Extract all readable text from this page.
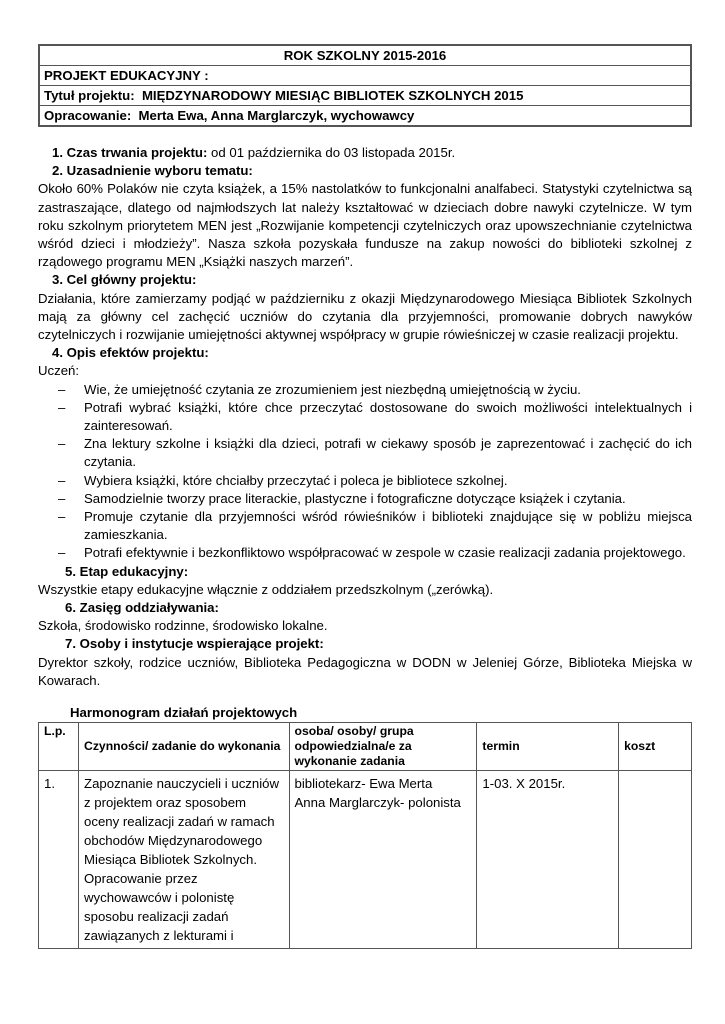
ROK SZKOLNY 2015-2016
PROJEKT EDUKACYJNY :
Tytuł projektu: MIĘDZYNARODOWY MIESIĄC BIBLIOTEK SZKOLNYCH 2015
Opracowanie: Merta Ewa, Anna Marglarczyk, wychowawcy
1. Czas trwania projektu: od 01 października do 03 listopada 2015r.
2. Uzasadnienie wyboru tematu:
Około 60% Polaków nie czyta książek, a 15% nastolatków to funkcjonalni analfabeci. Statystyki czytelnictwa są zastraszające, dlatego od najmłodszych lat należy kształtować w dzieciach dobre nawyki czytelnicze. W tym roku szkolnym priorytetem MEN jest „Rozwijanie kompetencji czytelniczych oraz upowszechnianie czytelnictwa wśród dzieci i młodzieży”. Nasza szkoła pozyskała fundusze na zakup nowości do biblioteki szkolnej z rządowego programu MEN „Książki naszych marzeń”.
3. Cel główny projektu:
Działania, które zamierzamy podjąć w październiku z okazji Międzynarodowego Miesiąca Bibliotek Szkolnych mają za główny cel zachęcić uczniów do czytania dla przyjemności, promowanie dobrych nawyków czytelniczych i rozwijanie umiejętności aktywnej współpracy w grupie rówieśniczej w czasie realizacji projektu.
4. Opis efektów projektu:
Uczeń:
– Wie, że umiejętność czytania ze zrozumieniem jest niezbędną umiejętnością w życiu.
– Potrafi wybrać książki, które chce przeczytać dostosowane do swoich możliwości intelektualnych i zainteresowań.
– Zna lektury szkolne i książki dla dzieci, potrafi w ciekawy sposób je zaprezentować i zachęcić do ich czytania.
– Wybiera książki, które chciałby przeczytać i poleca je bibliotece szkolnej.
– Samodzielnie tworzy prace literackie, plastyczne i fotograficzne dotyczące książek i czytania.
– Promuje czytanie dla przyjemności wśród rówieśników i biblioteki znajdujące się w pobliżu miejsca zamieszkania.
– Potrafi efektywnie i bezkonfliktowo współpracować w zespole w czasie realizacji zadania projektowego.
5. Etap edukacyjny:
Wszystkie etapy edukacyjne włącznie z oddziałem przedszkolnym („zerówką).
6. Zasięg oddziaływania:
Szkoła, środowisko rodzinne, środowisko lokalne.
7. Osoby i instytucje wspierające projekt:
Dyrektor szkoły, rodzice uczniów, Biblioteka Pedagogiczna w DODN w Jeleniej Górze, Biblioteka Miejska w Kowarach.
Harmonogram działań projektowych
L.p.	Czynności/ zadanie do wykonania	osoba/ osoby/ grupa odpowiedzialna/e za wykonanie zadania	termin	koszt
1.	Zapoznanie nauczycieli i uczniów z projektem oraz sposobem oceny realizacji zadań w ramach obchodów Międzynarodowego Miesiąca Bibliotek Szkolnych. Opracowanie przez wychowawców i polonistę sposobu realizacji zadań zawiązanych z lekturami i	bibliotekarz- Ewa Merta
Anna Marglarczyk- polonista	1-03. X 2015r.	
